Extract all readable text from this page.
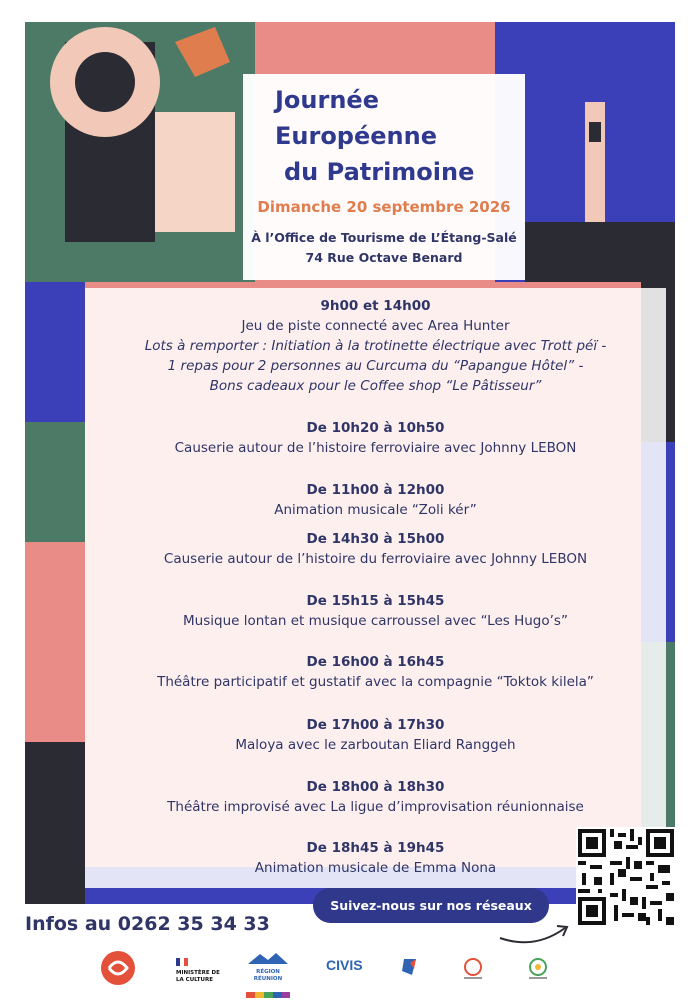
Journée
Européenne
du Patrimoine
Dimanche 20 septembre 2026
À l’Office de Tourisme de L’Étang-Salé
74 Rue Octave Benard
9h00 et 14h00
Jeu de piste connecté avec Area Hunter
Lots à remporter : Initiation à la trotinette électrique avec Trott péï -
1 repas pour 2 personnes au Curcuma du “Papangue Hôtel” -
Bons cadeaux pour le Coffee shop “Le Pâtisseur”
De 10h20 à 10h50
Causerie autour de l’histoire ferroviaire avec Johnny LEBON
De 11h00 à 12h00
Animation musicale “Zoli kér”
De 14h30 à 15h00
Causerie autour de l’histoire du ferroviaire avec Johnny LEBON
De 15h15 à 15h45
Musique lontan et musique carroussel avec “Les Hugo’s”
De 16h00 à 16h45
Théâtre participatif et gustatif avec la compagnie “Toktok kilela”
De 17h00 à 17h30
Maloya avec le zarboutan Eliard Ranggeh
De 18h00 à 18h30
Théâtre improvisé avec La ligue d’improvisation réunionnaise
De 18h45 à 19h45
Animation musicale de Emma Nona
Suivez-nous sur nos réseaux
Infos au 0262 35 34 33
MINISTÈRE DE LA CULTURE
RÉGION RÉUNION
CIVIS
